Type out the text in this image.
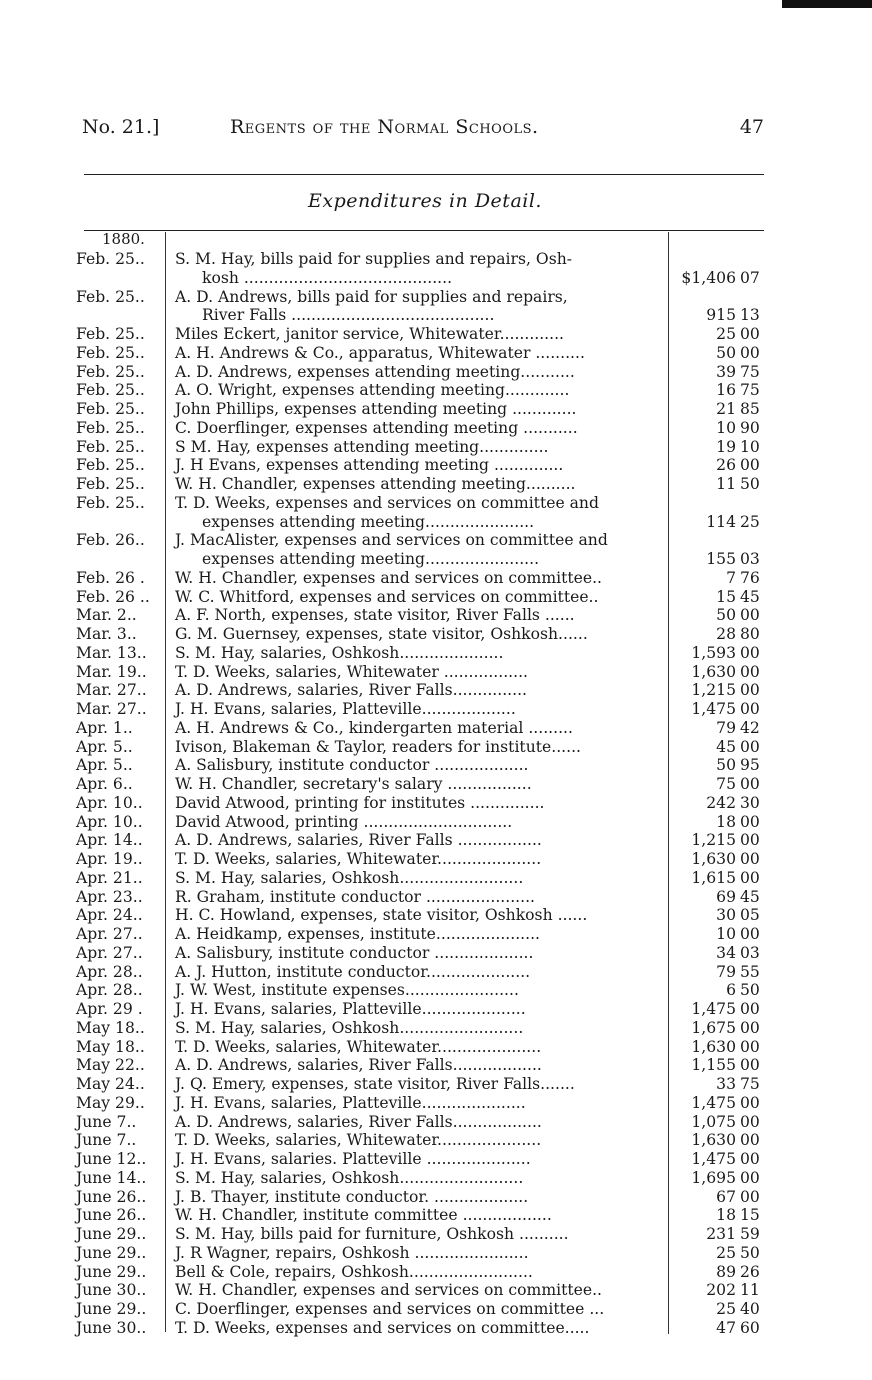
No. 21.]	Regents of the Normal Schools.	47
Expenditures in Detail.
1880.
Feb. 25..	S. M. Hay, bills paid for supplies and repairs, Osh-
kosh ..........................................	$1,406 07
Feb. 25..	A. D. Andrews, bills paid for supplies and repairs,
River Falls .........................................	915 13
Feb. 25..	Miles Eckert, janitor service, Whitewater.............	25 00
Feb. 25..	A. H. Andrews & Co., apparatus, Whitewater ..........	50 00
Feb. 25..	A. D. Andrews, expenses attending meeting...........	39 75
Feb. 25..	A. O. Wright, expenses attending meeting.............	16 75
Feb. 25..	John Phillips, expenses attending meeting .............	21 85
Feb. 25..	C. Doerflinger, expenses attending meeting ...........	10 90
Feb. 25..	S M. Hay, expenses attending meeting..............	19 10
Feb. 25..	J. H Evans, expenses attending meeting ..............	26 00
Feb. 25..	W. H. Chandler, expenses attending meeting..........	11 50
Feb. 25..	T. D. Weeks, expenses and services on committee and
expenses attending meeting......................	114 25
Feb. 26..	J. MacAlister, expenses and services on committee and
expenses attending meeting.......................	155 03
Feb. 26 .	W. H. Chandler, expenses and services on committee..	7 76
Feb. 26 ..	W. C. Whitford, expenses and services on committee..	15 45
Mar. 2..	A. F. North, expenses, state visitor, River Falls ......	50 00
Mar. 3..	G. M. Guernsey, expenses, state visitor, Oshkosh......	28 80
Mar. 13..	S. M. Hay, salaries, Oshkosh.....................	1,593 00
Mar. 19..	T. D. Weeks, salaries, Whitewater .................	1,630 00
Mar. 27..	A. D. Andrews, salaries, River Falls...............	1,215 00
Mar. 27..	J. H. Evans, salaries, Platteville...................	1,475 00
Apr. 1..	A. H. Andrews & Co., kindergarten material .........	79 42
Apr. 5..	Ivison, Blakeman & Taylor, readers for institute......	45 00
Apr. 5..	A. Salisbury, institute conductor ...................	50 95
Apr. 6..	W. H. Chandler, secretary's salary .................	75 00
Apr. 10..	David Atwood, printing for institutes ...............	242 30
Apr. 10..	David Atwood, printing ..............................	18 00
Apr. 14..	A. D. Andrews, salaries, River Falls .................	1,215 00
Apr. 19..	T. D. Weeks, salaries, Whitewater.....................	1,630 00
Apr. 21..	S. M. Hay, salaries, Oshkosh.........................	1,615 00
Apr. 23..	R. Graham, institute conductor ......................	69 45
Apr. 24..	H. C. Howland, expenses, state visitor, Oshkosh ......	30 05
Apr. 27..	A. Heidkamp, expenses, institute.....................	10 00
Apr. 27..	A. Salisbury, institute conductor ....................	34 03
Apr. 28..	A. J. Hutton, institute conductor.....................	79 55
Apr. 28..	J. W. West, institute expenses.......................	6 50
Apr. 29 .	J. H. Evans, salaries, Platteville.....................	1,475 00
May 18..	S. M. Hay, salaries, Oshkosh.........................	1,675 00
May 18..	T. D. Weeks, salaries, Whitewater.....................	1,630 00
May 22..	A. D. Andrews, salaries, River Falls..................	1,155 00
May 24..	J. Q. Emery, expenses, state visitor, River Falls.......	33 75
May 29..	J. H. Evans, salaries, Platteville.....................	1,475 00
June 7..	A. D. Andrews, salaries, River Falls..................	1,075 00
June 7..	T. D. Weeks, salaries, Whitewater.....................	1,630 00
June 12..	J. H. Evans, salaries. Platteville .....................	1,475 00
June 14..	S. M. Hay, salaries, Oshkosh.........................	1,695 00
June 26..	J. B. Thayer, institute conductor. ...................	67 00
June 26..	W. H. Chandler, institute committee ..................	18 15
June 29..	S. M. Hay, bills paid for furniture, Oshkosh ..........	231 59
June 29..	J. R Wagner, repairs, Oshkosh .......................	25 50
June 29..	Bell & Cole, repairs, Oshkosh.........................	89 26
June 30..	W. H. Chandler, expenses and services on committee..	202 11
June 29..	C. Doerflinger, expenses and services on committee ...	25 40
June 30..	T. D. Weeks, expenses and services on committee.....	47 60
